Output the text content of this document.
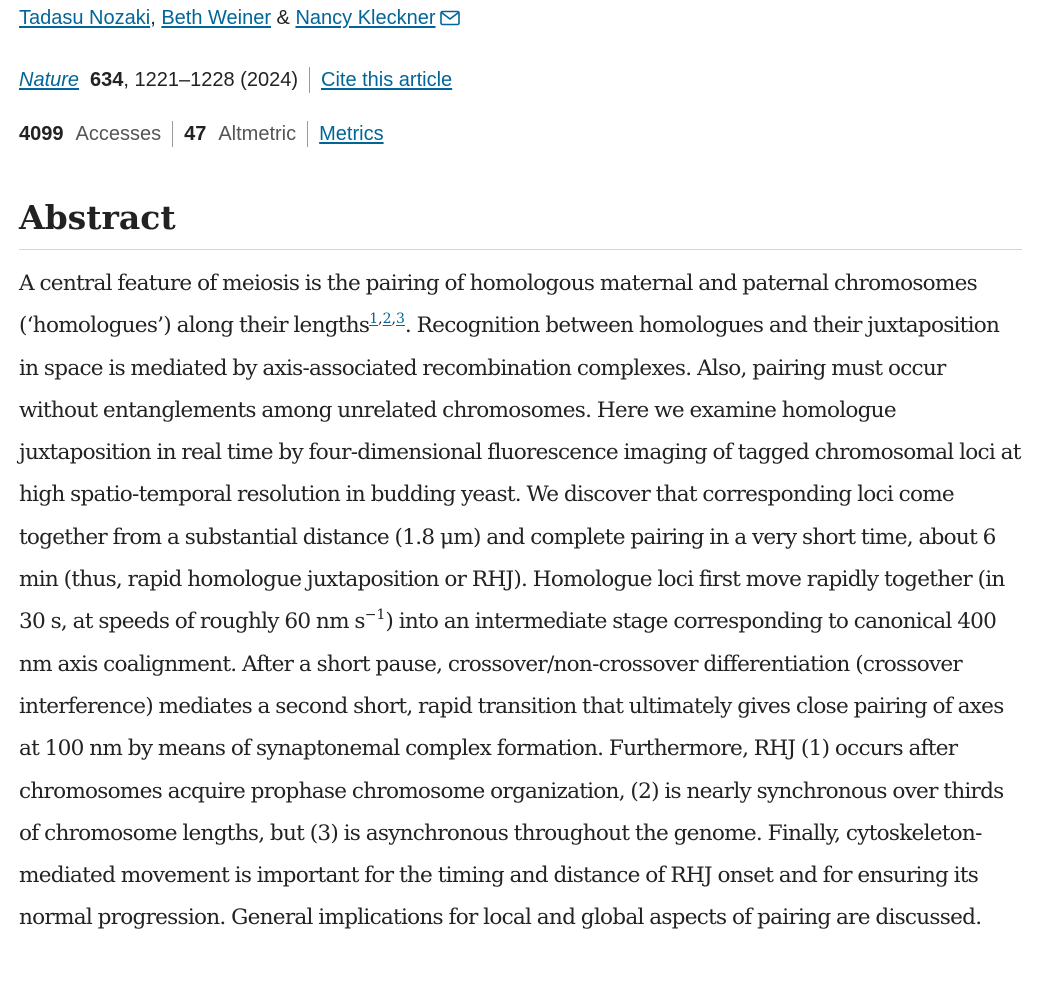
Tadasu Nozaki, Beth Weiner & Nancy Kleckner
Nature 634 , 1221–1228 (2024) Cite this article
4099 Accesses 47 Altmetric Metrics
Abstract

A central feature of meiosis is the pairing of homologous maternal and paternal chromosomes (‘homologues’) along their lengths$^{1,2,3}$. Recognition between homologues and their juxtaposition in space is mediated by axis-associated recombination complexes. Also, pairing must occur without entanglements among unrelated chromosomes. Here we examine homologue juxtaposition in real time by four-dimensional fluorescence imaging of tagged chromosomal loci at high spatio-temporal resolution in budding yeast. We discover that corresponding loci come together from a substantial distance (1.8 μm) and complete pairing in a very short time, about 6 min (thus, rapid homologue juxtaposition or RHJ). Homologue loci first move rapidly together (in 30 s, at speeds of roughly 60 nm $s^{-1}$) into an intermediate stage corresponding to canonical 400 nm axis coalignment. After a short pause, crossover/non-crossover differentiation (crossover interference) mediates a second short, rapid transition that ultimately gives close pairing of axes at 100 nm by means of synaptonemal complex formation. Furthermore, RHJ (1) occurs after chromosomes acquire prophase chromosome organization, (2) is nearly synchronous over thirds of chromosome lengths, but (3) is asynchronous throughout the genome. Finally, cytoskeleton-mediated movement is important for the timing and distance of RHJ onset and for ensuring its normal progression. General implications for local and global aspects of pairing are discussed.
